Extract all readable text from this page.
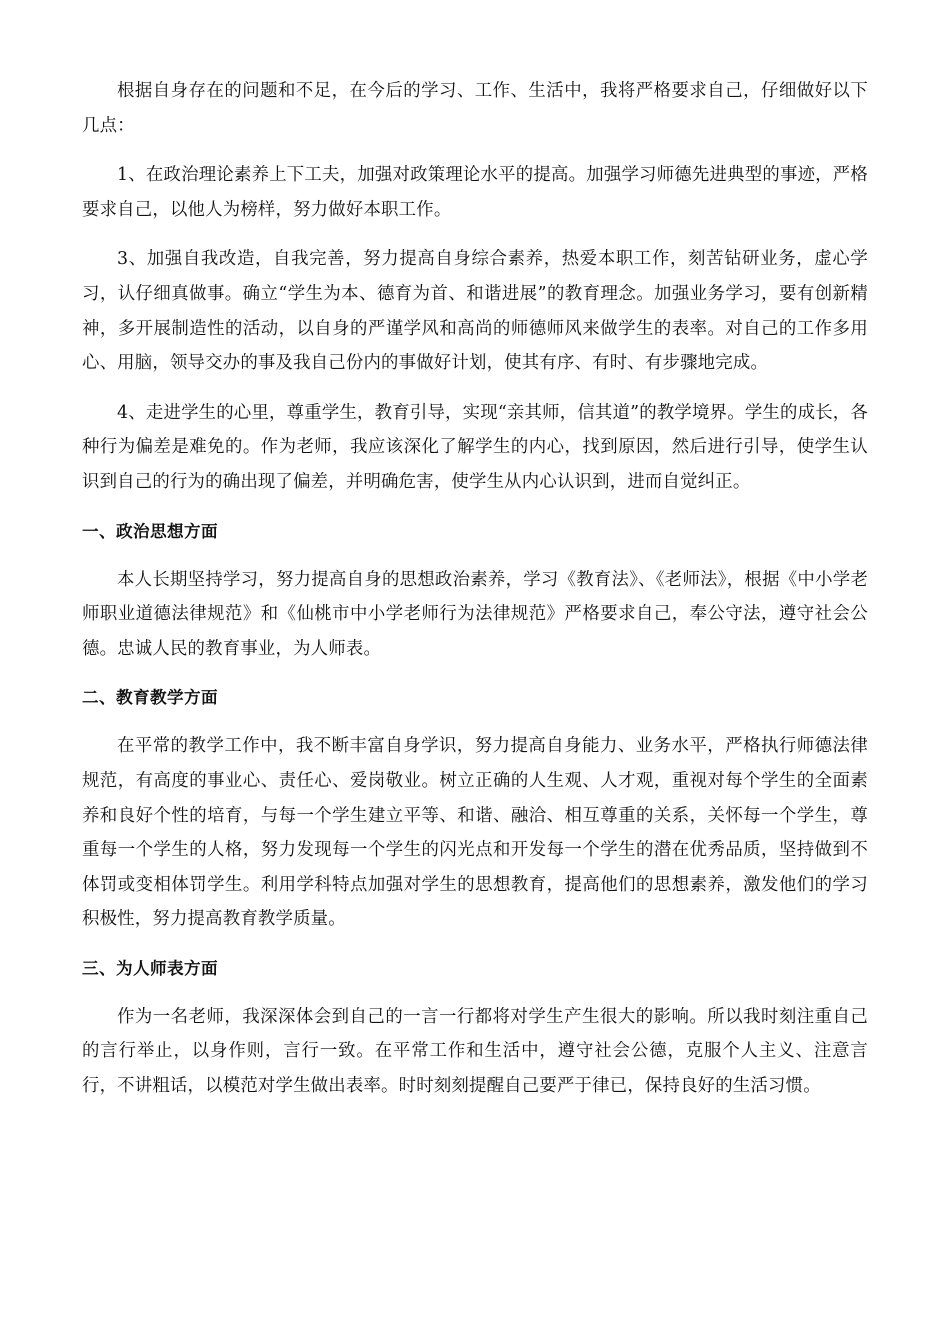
根据自身存在的问题和不足，在今后的学习、工作、生活中，我将严格要求自己，仔细做好以下几点：

1、在政治理论素养上下工夫，加强对政策理论水平的提高。加强学习师德先进典型的事迹，严格要求自己，以他人为榜样，努力做好本职工作。

3、加强自我改造，自我完善，努力提高自身综合素养，热爱本职工作，刻苦钻研业务，虚心学习，认仔细真做事。确立“学生为本、德育为首、和谐进展”的教育理念。加强业务学习，要有创新精神，多开展制造性的活动，以自身的严谨学风和高尚的师德师风来做学生的表率。对自己的工作多用心、用脑，领导交办的事及我自己份内的事做好计划，使其有序、有时、有步骤地完成。

4、走进学生的心里，尊重学生，教育引导，实现“亲其师，信其道”的教学境界。学生的成长，各种行为偏差是难免的。作为老师，我应该深化了解学生的内心，找到原因，然后进行引导，使学生认识到自己的行为的确出现了偏差，并明确危害，使学生从内心认识到，进而自觉纠正。

一、政治思想方面

本人长期坚持学习，努力提高自身的思想政治素养，学习《教育法》、《老师法》，根据《中小学老师职业道德法律规范》和《仙桃市中小学老师行为法律规范》严格要求自己，奉公守法，遵守社会公德。忠诚人民的教育事业，为人师表。

二、教育教学方面

在平常的教学工作中，我不断丰富自身学识，努力提高自身能力、业务水平，严格执行师德法律规范，有高度的事业心、责任心、爱岗敬业。树立正确的人生观、人才观，重视对每个学生的全面素养和良好个性的培育，与每一个学生建立平等、和谐、融洽、相互尊重的关系，关怀每一个学生，尊重每一个学生的人格，努力发现每一个学生的闪光点和开发每一个学生的潜在优秀品质，坚持做到不体罚或变相体罚学生。利用学科特点加强对学生的思想教育，提高他们的思想素养，激发他们的学习积极性，努力提高教育教学质量。

三、为人师表方面

作为一名老师，我深深体会到自己的一言一行都将对学生产生很大的影响。所以我时刻注重自己的言行举止，以身作则，言行一致。在平常工作和生活中，遵守社会公德，克服个人主义、注意言行，不讲粗话，以模范对学生做出表率。时时刻刻提醒自己要严于律已，保持良好的生活习惯。
